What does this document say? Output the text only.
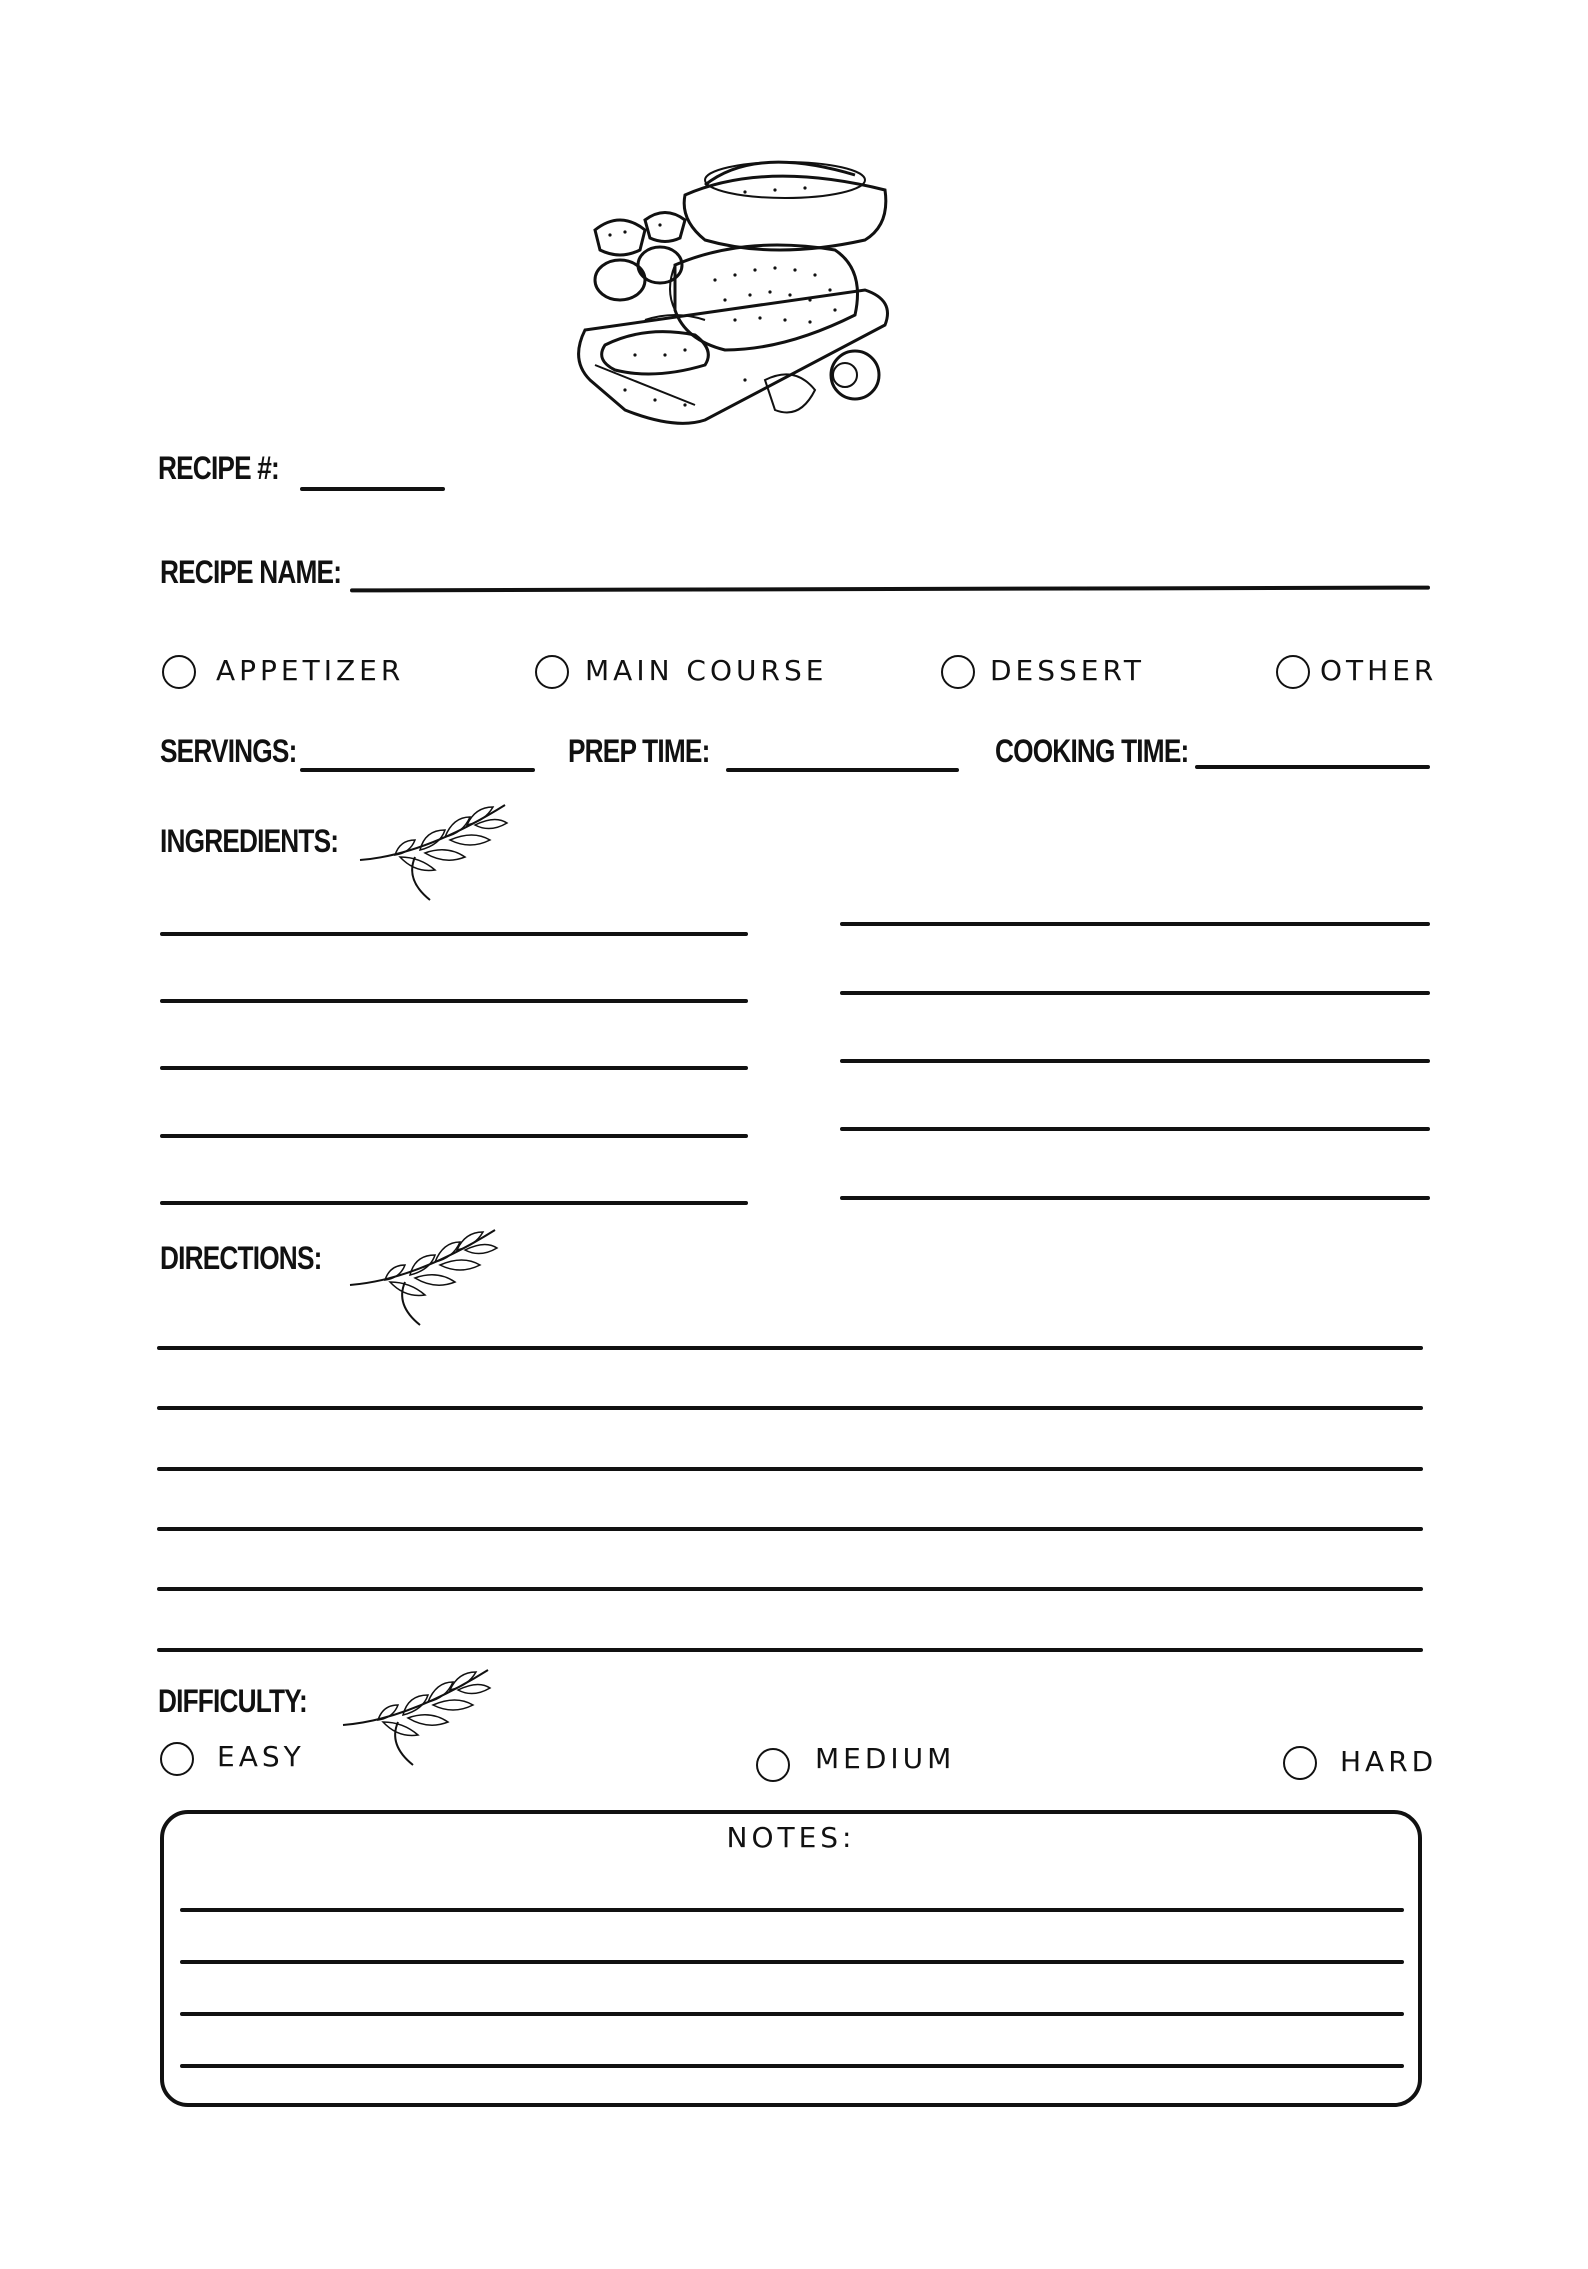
RECIPE #:
RECIPE NAME:
APPETIZER	MAIN COURSE	DESSERT	OTHER
SERVINGS:	PREP TIME:	COOKING TIME:
INGREDIENTS:
DIRECTIONS:
DIFFICULTY:
EASY	MEDIUM	HARD
NOTES:
